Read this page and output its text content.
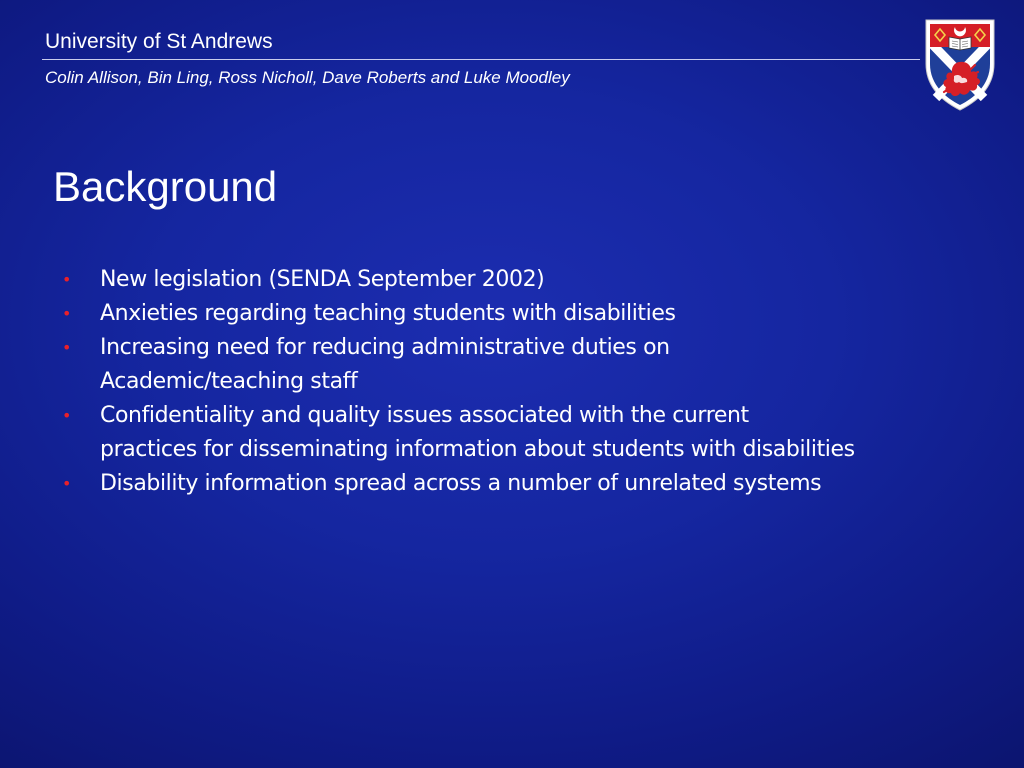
University of St Andrews
Colin Allison, Bin Ling, Ross Nicholl, Dave Roberts and Luke Moodley
Background
• New legislation (SENDA September 2002)
• Anxieties regarding teaching students with disabilities
• Increasing need for reducing administrative duties on
Academic/teaching staff
• Confidentiality and quality issues associated with the current
practices for disseminating information about students with disabilities
• Disability information spread across a number of unrelated systems
